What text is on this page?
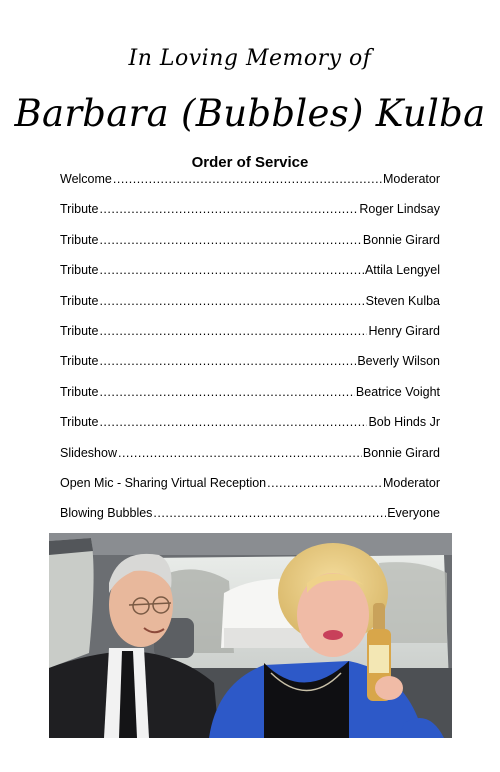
In Loving Memory of
Barbara (Bubbles) Kulba
Order of Service
Welcome .....	Moderator
Tribute .....	Roger Lindsay
Tribute .....	Bonnie Girard
Tribute .....	Attila Lengyel
Tribute .....	Steven Kulba
Tribute .....	Henry Girard
Tribute .....	Beverly Wilson
Tribute .....	Beatrice Voight
Tribute .....	Bob Hinds Jr
Slideshow .....	Bonnie Girard
Open Mic - Sharing Virtual Reception .....	Moderator
Blowing Bubbles .....	Everyone
